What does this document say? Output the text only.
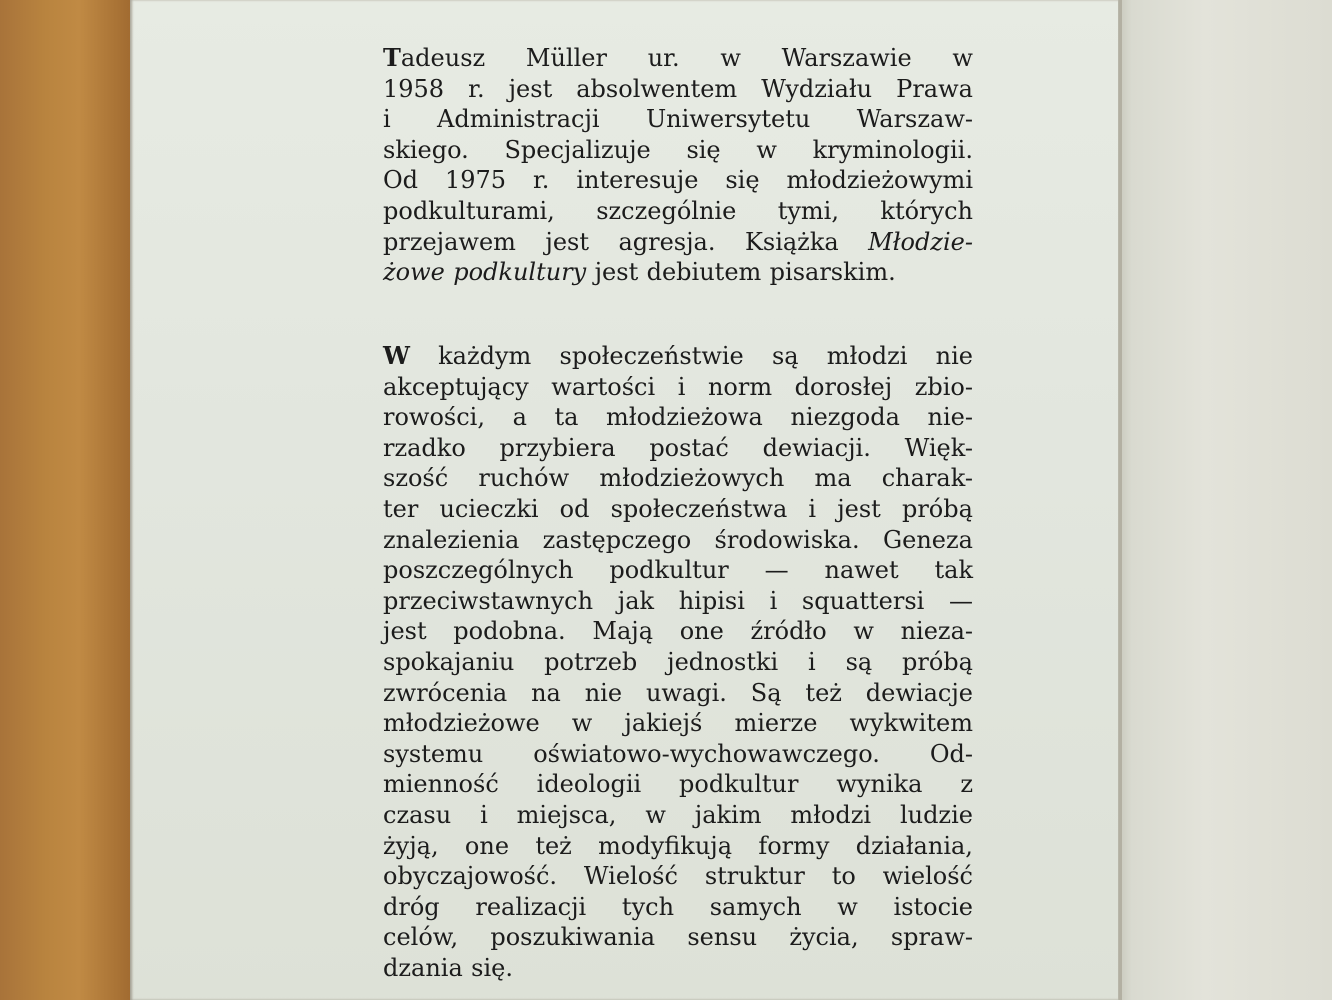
Tadeusz Müller ur. w Warszawie w
1958 r. jest absolwentem Wydziału Prawa
i Administracji Uniwersytetu Warszaw-
skiego. Specjalizuje się w kryminologii.
Od 1975 r. interesuje się młodzieżowymi
podkulturami, szczególnie tymi, których
przejawem jest agresja. Książka Młodzie-
żowe podkultury jest debiutem pisarskim.
W każdym społeczeństwie są młodzi nie
akceptujący wartości i norm dorosłej zbio-
rowości, a ta młodzieżowa niezgoda nie-
rzadko przybiera postać dewiacji. Więk-
szość ruchów młodzieżowych ma charak-
ter ucieczki od społeczeństwa i jest próbą
znalezienia zastępczego środowiska. Geneza
poszczególnych podkultur — nawet tak
przeciwstawnych jak hipisi i squattersi —
jest podobna. Mają one źródło w nieza-
spokajaniu potrzeb jednostki i są próbą
zwrócenia na nie uwagi. Są też dewiacje
młodzieżowe w jakiejś mierze wykwitem
systemu oświatowo-wychowawczego. Od-
mienność ideologii podkultur wynika z
czasu i miejsca, w jakim młodzi ludzie
żyją, one też modyfikują formy działania,
obyczajowość. Wielość struktur to wielość
dróg realizacji tych samych w istocie
celów, poszukiwania sensu życia, spraw-
dzania się.
